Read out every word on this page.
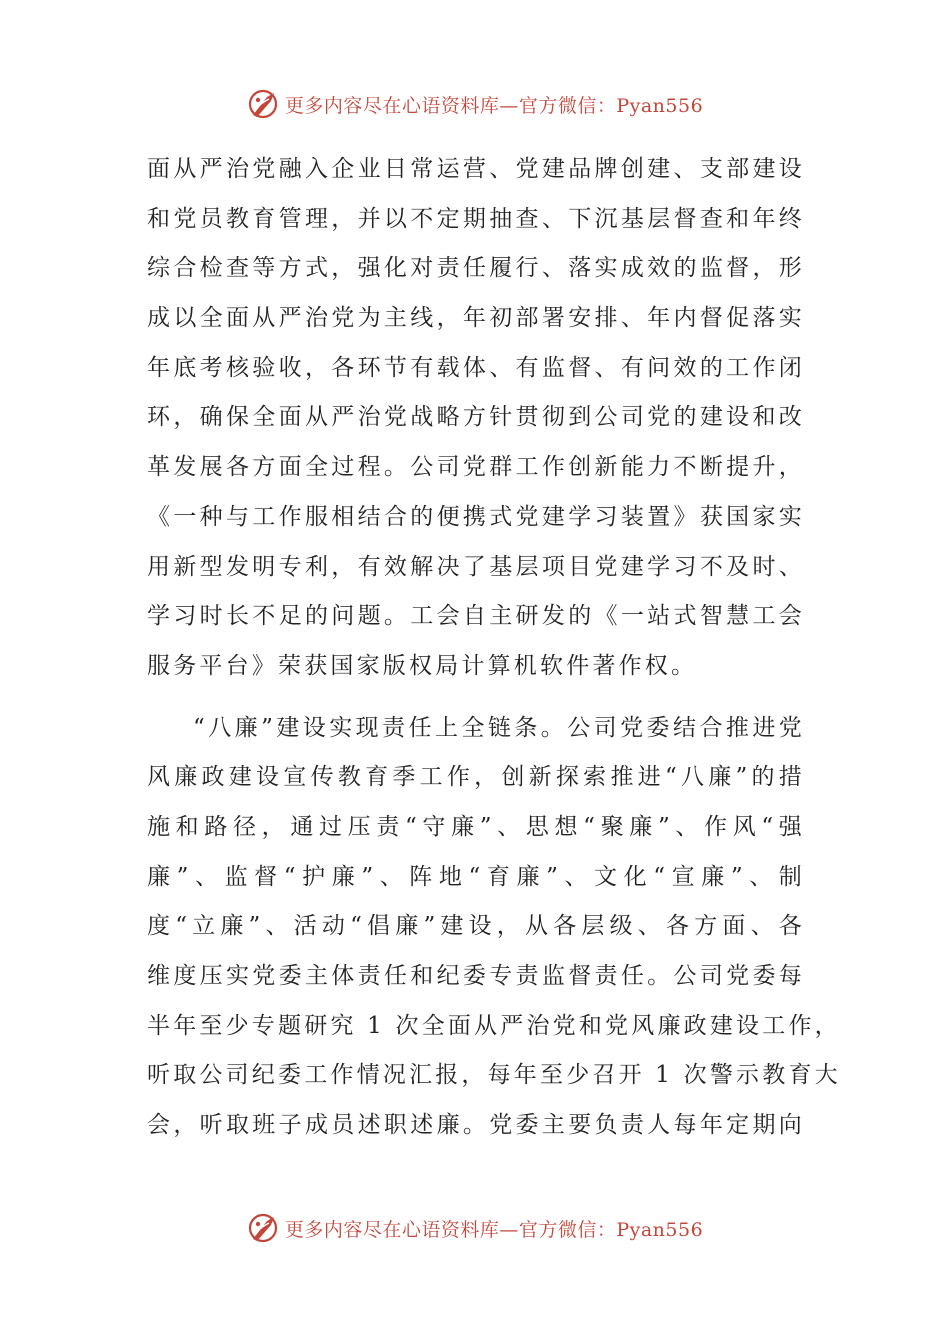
更多内容尽在心语资料库—官方微信：Pyan556
面从严治党融入企业日常运营、党建品牌创建、支部建设
和党员教育管理，并以不定期抽查、下沉基层督查和年终
综合检查等方式，强化对责任履行、落实成效的监督，形
成以全面从严治党为主线，年初部署安排、年内督促落实
年底考核验收，各环节有载体、有监督、有问效的工作闭
环，确保全面从严治党战略方针贯彻到公司党的建设和改
革发展各方面全过程。公司党群工作创新能力不断提升，
《一种与工作服相结合的便携式党建学习装置》获国家实
用新型发明专利，有效解决了基层项目党建学习不及时、
学习时长不足的问题。工会自主研发的《一站式智慧工会
服务平台》荣获国家版权局计算机软件著作权。
“八廉”建设实现责任上全链条。公司党委结合推进党
风廉政建设宣传教育季工作，创新探索推进“八廉”的措
施和路径，通过压责“守廉”、思想“聚廉”、作风“强
廉”、监督“护廉”、阵地“育廉”、文化“宣廉”、制
度“立廉”、活动“倡廉”建设，从各层级、各方面、各
维度压实党委主体责任和纪委专责监督责任。公司党委每
半年至少专题研究 1 次全面从严治党和党风廉政建设工作，
听取公司纪委工作情况汇报，每年至少召开 1 次警示教育大
会，听取班子成员述职述廉。党委主要负责人每年定期向
更多内容尽在心语资料库—官方微信：Pyan556
